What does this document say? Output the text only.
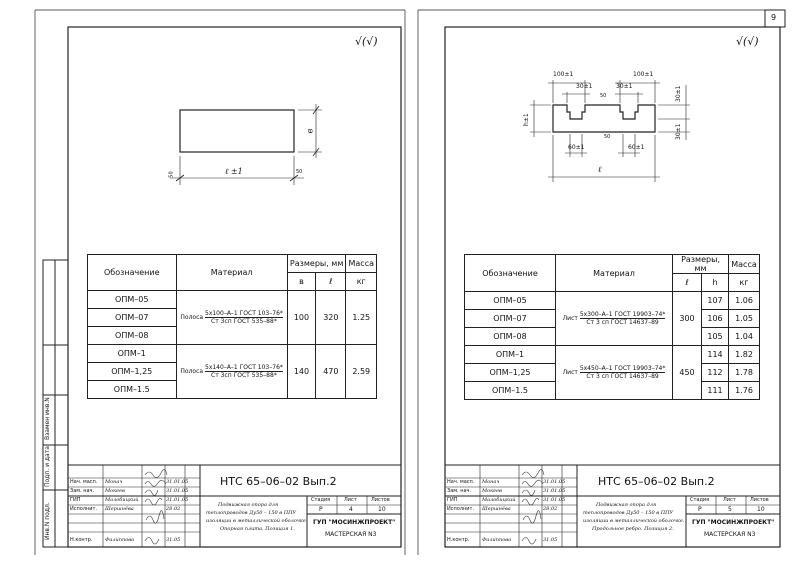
9
√(√)	√(√)
Инв.N подл.
Подп. и дата
Взамен инв.N
ℓ ±1
в
50	50
100±1	100±1
30±1	30±1	30±1
30±1
h±1
60±1	60±1
ℓ
50
50
Обозначение	Материал	Размеры, мм		Масса
		в	ℓ	кг
ОПМ–05	Полоса
5х100–А–1 ГОСТ 103–76*
Ст 3сп ГОСТ 535–88*	100	320	1.25
ОПМ–07				
ОПМ–08				
ОПМ–1	Полоса
5х140–А–1 ГОСТ 103–76*
Ст 3сп ГОСТ 535–88*	140	470	2.59
ОПМ–1,25				
ОПМ–1.5				
Обозначение	Материал	Размеры, мм		Масса
		ℓ	h	кг
ОПМ–05	Лист
5х300–А–1 ГОСТ 19903–74*
Ст 3 сп ГОСТ 14637–89	300	107	1.06
ОПМ–07			106	1.05
ОПМ–08			105	1.04
ОПМ–1	Лист
5х450–А–1 ГОСТ 19903–74*
Ст 3 сп ГОСТ 14637–89	450	114	1.82
ОПМ–1,25			112	1.78
ОПМ–1.5			111	1.76
НТС 65–06–02 Вып.2
Нач. масп. Монач	31.01.05
Зам. нач. Мокеев	31.01.05
ГИП	Малобицкий	31.01.05
Исполнит. Шершнёва	28.02
Н.контр.	Филиппова	31.05
Подвижная опора для
теплопроводов Ду50 – 150 в ППУ
изоляции в металлической оболочке.
Опорная плита. Позиция 1.
Стадия	Лист	Листов
Р	4	10
ГУП "МОСИНЖПРОЕКТ"
МАСТЕРСКАЯ N3
НТС 65–06–02 Вып.2
Нач. масп. Монач	31.01.05
Зам. нач. Мокеев	31.01.05
ГИП	Малобицкий	31.01.05
Исполнит. Шершнёва	28.02
Н.контр.	Филиппова	31.05
Подвижная опора для
теплопроводов Ду50 – 150 в ППУ
изоляции в металлической оболочке.
Продольное ребро. Позиция 2.
Стадия	Лист	Листов
Р	5	10
ГУП "МОСИНЖПРОЕКТ"
МАСТЕРСКАЯ N3
